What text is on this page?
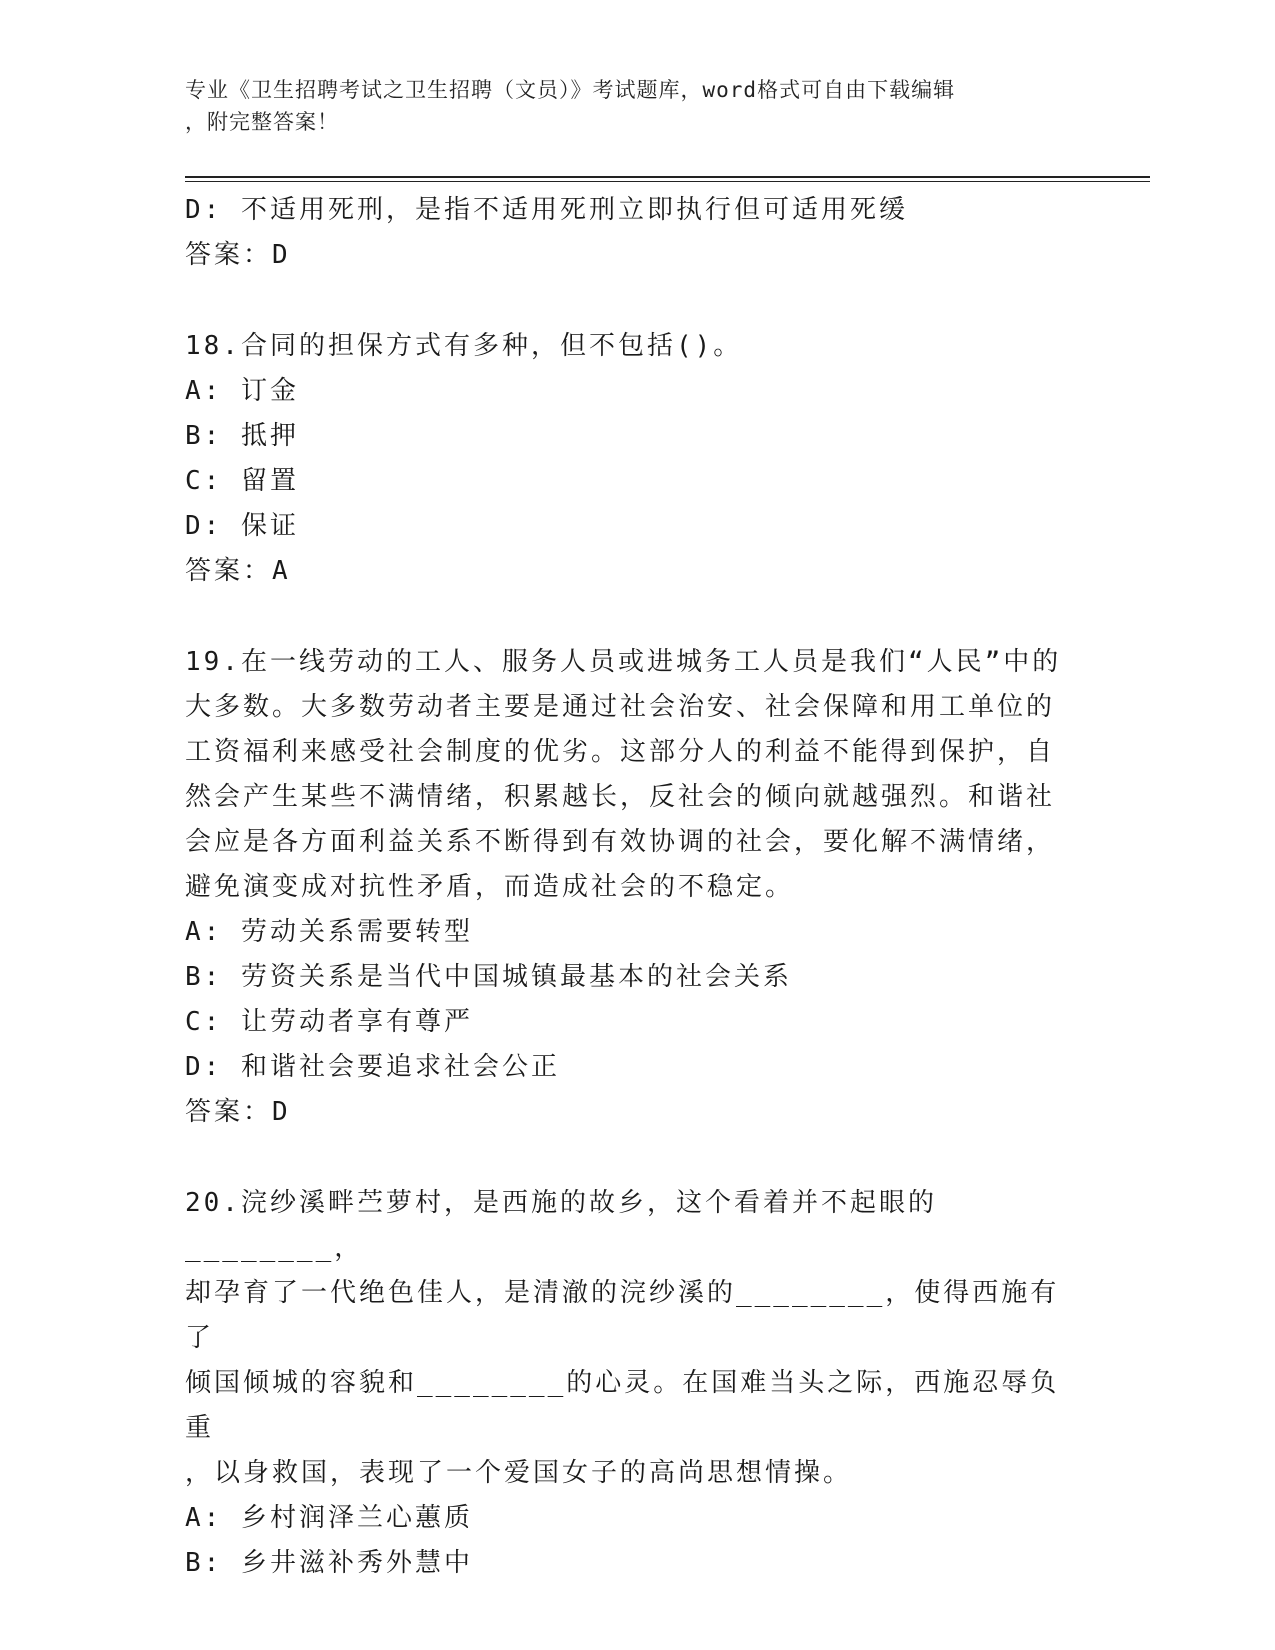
专业《卫生招聘考试之卫生招聘（文员）》考试题库，word格式可自由下载编辑
，附完整答案！

D: 不适用死刑，是指不适用死刑立即执行但可适用死缓

答案：D

18.合同的担保方式有多种，但不包括()。

A: 订金

B: 抵押

C: 留置

D: 保证

答案：A

19.在一线劳动的工人、服务人员或进城务工人员是我们“人民”中的

大多数。大多数劳动者主要是通过社会治安、社会保障和用工单位的

工资福利来感受社会制度的优劣。这部分人的利益不能得到保护，自

然会产生某些不满情绪，积累越长，反社会的倾向就越强烈。和谐社

会应是各方面利益关系不断得到有效协调的社会，要化解不满情绪，

避免演变成对抗性矛盾，而造成社会的不稳定。

A: 劳动关系需要转型

B: 劳资关系是当代中国城镇最基本的社会关系

C: 让劳动者享有尊严

D: 和谐社会要追求社会公正

答案：D

20.浣纱溪畔苎萝村，是西施的故乡，这个看着并不起眼的________，

却孕育了一代绝色佳人，是清澈的浣纱溪的________，使得西施有了

倾国倾城的容貌和________的心灵。在国难当头之际，西施忍辱负重

，以身救国，表现了一个爱国女子的高尚思想情操。

A: 乡村润泽兰心蕙质

B: 乡井滋补秀外慧中
